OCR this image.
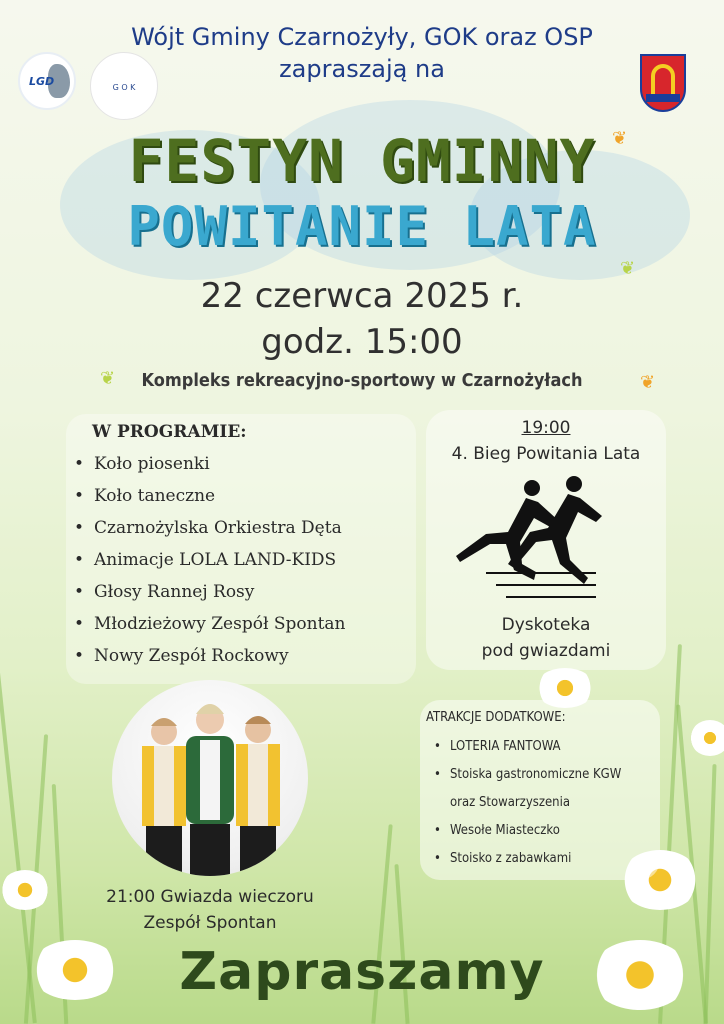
❦	❦
❦
❦
Wójt Gminy Czarnożyły, GOK oraz OSP
zapraszają na
LGD	G O K
FESTYN GMINNY
POWITANIE LATA
22 czerwca 2025 r.
godz. 15:00
Kompleks rekreacyjno-sportowy w Czarnożyłach
W PROGRAMIE:
• Koło piosenki
• Koło taneczne
• Czarnożylska Orkiestra Dęta
• Animacje LOLA LAND-KIDS
• Głosy Rannej Rosy
• Młodzieżowy Zespół Spontan
• Nowy Zespół Rockowy
19:00
4. Bieg Powitania Lata
Dyskoteka
pod gwiazdami
21:00 Gwiazda wieczoru
Zespół Spontan
ATRAKCJE DODATKOWE:
• LOTERIA FANTOWA
• Stoiska gastronomiczne KGW
oraz Stowarzyszenia
• Wesołe Miasteczko
• Stoisko z zabawkami
Zapraszamy
